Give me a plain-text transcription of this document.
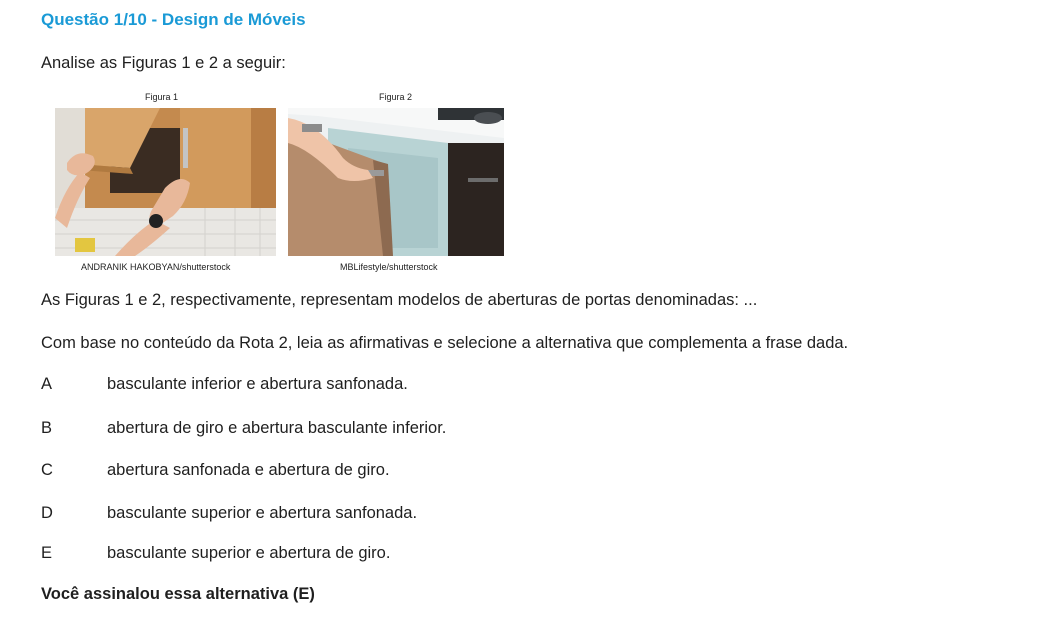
Questão 1/10 - Design de Móveis
Analise as Figuras 1 e 2 a seguir:
Figura 1
ANDRANIK HAKOBYAN/shutterstock
Figura 2
MBLifestyle/shutterstock
As Figuras 1 e 2, respectivamente, representam modelos de aberturas de portas denominadas: ...
Com base no conteúdo da Rota 2, leia as afirmativas e selecione a alternativa que complementa a frase dada.
A	basculante inferior e abertura sanfonada.
B	abertura de giro e abertura basculante inferior.
C	abertura sanfonada e abertura de giro.
D	basculante superior e abertura sanfonada.
E	basculante superior e abertura de giro.
Você assinalou essa alternativa (E)
